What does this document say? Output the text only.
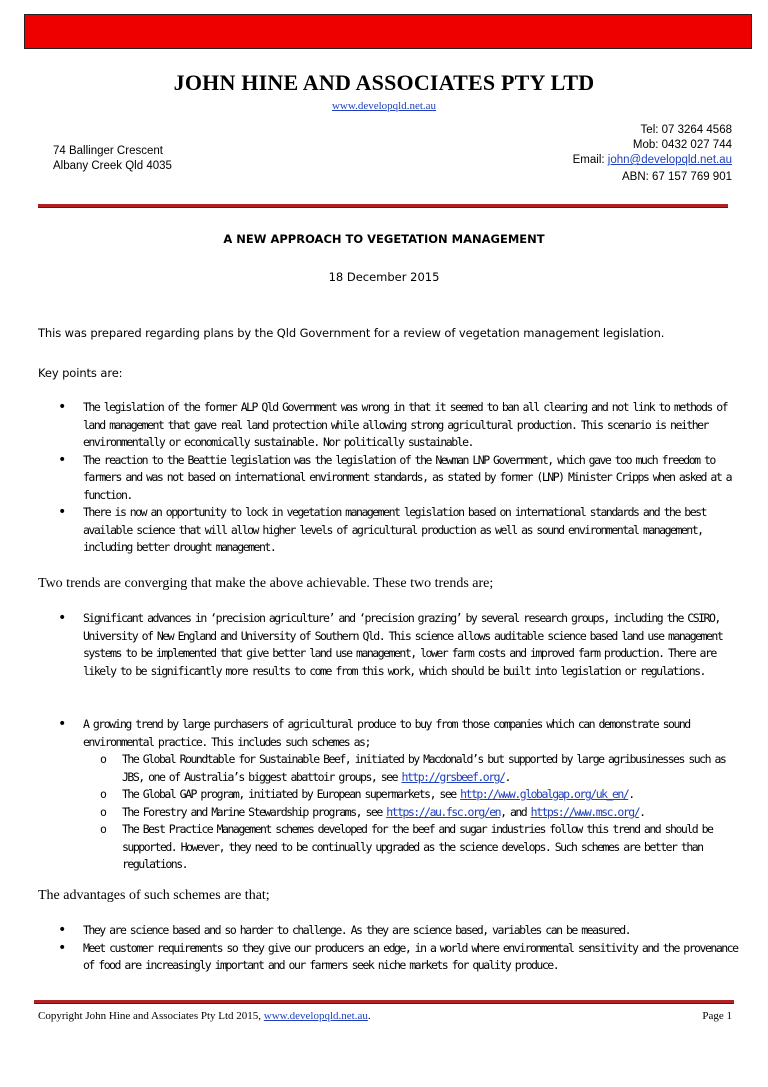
JOHN HINE AND ASSOCIATES PTY LTD
www.developqld.net.au
74 Ballinger Crescent
Albany Creek Qld 4035
Tel: 07 3264 4568
Mob: 0432 027 744
Email: john@developqld.net.au
ABN: 67 157 769 901
A NEW APPROACH TO VEGETATION MANAGEMENT
18 December 2015
This was prepared regarding plans by the Qld Government for a review of vegetation management legislation.
Key points are:
• The legislation of the former ALP Qld Government was wrong in that it seemed to ban all clearing and not link to methods of land management that gave real land protection while allowing strong agricultural production. This scenario is neither environmentally or economically sustainable. Nor politically sustainable.
• The reaction to the Beattie legislation was the legislation of the Newman LNP Government, which gave too much freedom to farmers and was not based on international environment standards, as stated by former (LNP) Minister Cripps when asked at a function.
• There is now an opportunity to lock in vegetation management legislation based on international standards and the best available science that will allow higher levels of agricultural production as well as sound environmental management, including better drought management.
Two trends are converging that make the above achievable. These two trends are;
• Significant advances in ‘precision agriculture’ and ‘precision grazing’ by several research groups, including the CSIRO, University of New England and University of Southern Qld. This science allows auditable science based land use management systems to be implemented that give better land use management, lower farm costs and improved farm production. There are likely to be significantly more results to come from this work, which should be built into legislation or regulations.
• A growing trend by large purchasers of agricultural produce to buy from those companies which can demonstrate sound environmental practice. This includes such schemes as;
o The Global Roundtable for Sustainable Beef, initiated by Macdonald’s but supported by large agribusinesses such as JBS, one of Australia’s biggest abattoir groups, see http://grsbeef.org/.
o The Global GAP program, initiated by European supermarkets, see http://www.globalgap.org/uk_en/.
o The Forestry and Marine Stewardship programs, see https://au.fsc.org/en, and https://www.msc.org/.
o The Best Practice Management schemes developed for the beef and sugar industries follow this trend and should be supported. However, they need to be continually upgraded as the science develops. Such schemes are better than regulations.
The advantages of such schemes are that;
• They are science based and so harder to challenge. As they are science based, variables can be measured.
• Meet customer requirements so they give our producers an edge, in a world where environmental sensitivity and the provenance of food are increasingly important and our farmers seek niche markets for quality produce.
Copyright John Hine and Associates Pty Ltd 2015, www.developqld.net.au.	Page 1
